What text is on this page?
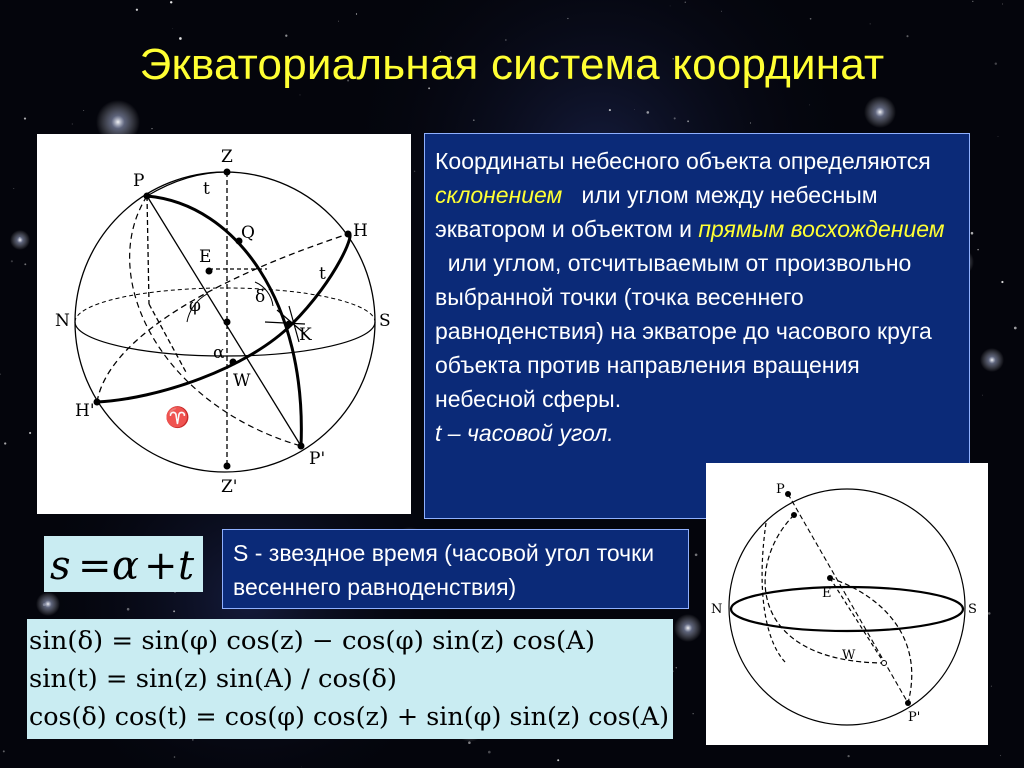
Экваториальная система координат
Z
P	t
Q	H
E
δ
t
N
φ
S
K
α
W
H'	♈
P'
Z'
Координаты небесного объекта определяются склонением или углом между небесным экватором и объектом и прямым восхождением   или углом, отсчитываемым от произвольно выбранной точки (точка весеннего равноденствия) на экваторе до часового круга объекта против направления вращения небесной сферы.
t – часовой угол.
P
N
E
S
W
P'
s = α + t	S - звездное время (часовой угол точки весеннего равноденствия)
sin(δ) = sin(φ) cos(z) − cos(φ) sin(z) cos(A)
sin(t) = sin(z) sin(A) / cos(δ)
cos(δ) cos(t) = cos(φ) cos(z) + sin(φ) sin(z) cos(A)
